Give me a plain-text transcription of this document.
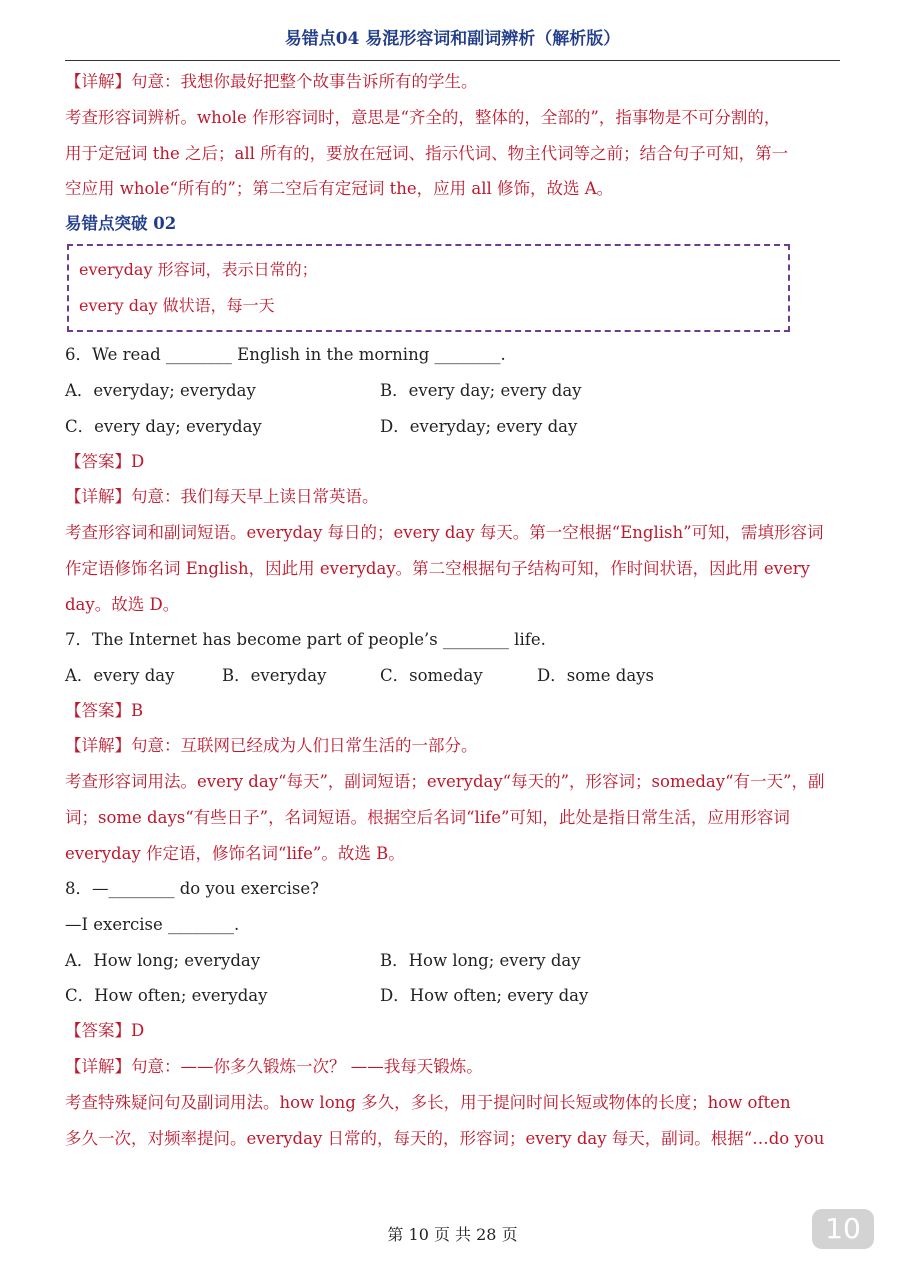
易错点04 易混形容词和副词辨析（解析版）
【详解】句意：我想你最好把整个故事告诉所有的学生。
考查形容词辨析。whole 作形容词时，意思是“齐全的，整体的，全部的”，指事物是不可分割的，
用于定冠词 the 之后；all 所有的，要放在冠词、指示代词、物主代词等之前；结合句子可知，第一
空应用 whole“所有的”；第二空后有定冠词 the，应用 all 修饰，故选 A。
易错点突破 02
everyday 形容词，表示日常的；
every day 做状语，每一天
6．We read ________ English in the morning ________.
A．everyday; everyday	B．every day; every day
C．every day; everyday	D．everyday; every day
【答案】D
【详解】句意：我们每天早上读日常英语。
考查形容词和副词短语。everyday 每日的；every day 每天。第一空根据“English”可知，需填形容词
作定语修饰名词 English，因此用 everyday。第二空根据句子结构可知，作时间状语，因此用 every
day。故选 D。
7．The Internet has become part of people’s ________ life.
A．every day	B．everyday	C．someday	D．some days
【答案】B
【详解】句意：互联网已经成为人们日常生活的一部分。
考查形容词用法。every day“每天”，副词短语；everyday“每天的”，形容词；someday“有一天”，副
词；some days“有些日子”，名词短语。根据空后名词“life”可知，此处是指日常生活，应用形容词
everyday 作定语，修饰名词“life”。故选 B。
8．—________ do you exercise?
—I exercise ________.
A．How long; everyday	B．How long; every day
C．How often; everyday	D．How often; every day
【答案】D
【详解】句意：——你多久锻炼一次？ ——我每天锻炼。
考查特殊疑问句及副词用法。how long 多久，多长，用于提问时间长短或物体的长度；how often
多久一次，对频率提问。everyday 日常的，每天的，形容词；every day 每天，副词。根据“…do you
第 10 页 共 28 页	10
